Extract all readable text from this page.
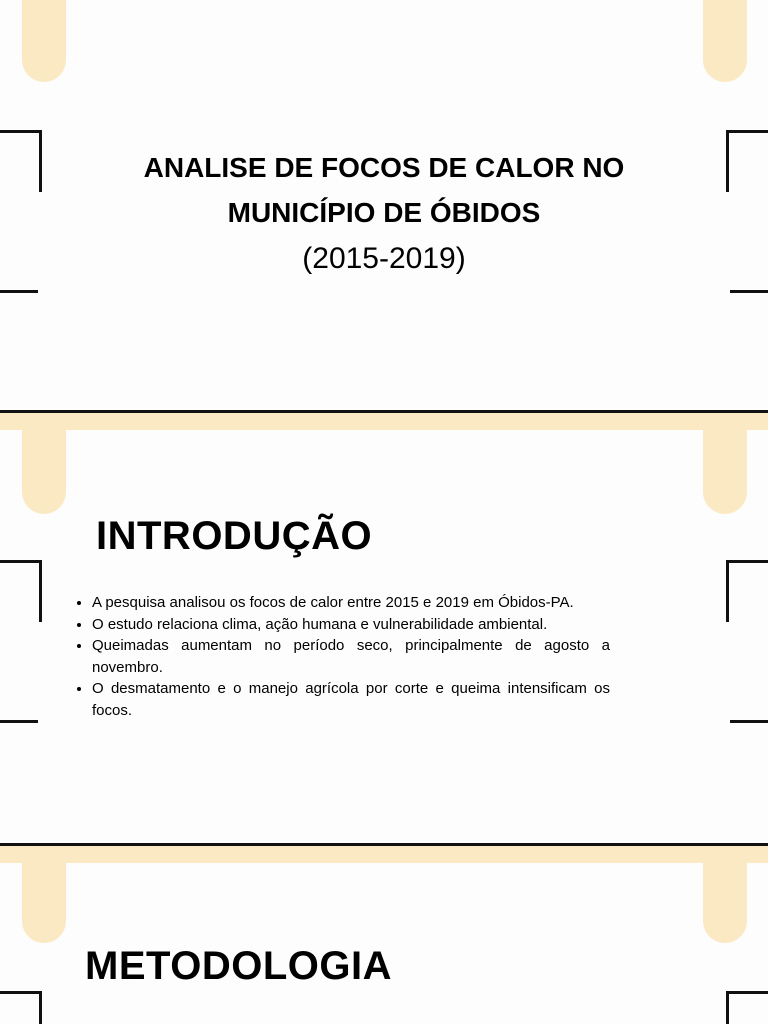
ANALISE DE FOCOS DE CALOR NO
MUNICÍPIO DE ÓBIDOS
(2015-2019)
INTRODUÇÃO
• A pesquisa analisou os focos de calor entre 2015 e 2019 em Óbidos-PA.
• O estudo relaciona clima, ação humana e vulnerabilidade ambiental.
• Queimadas aumentam no período seco, principalmente de agosto a novembro.
• O desmatamento e o manejo agrícola por corte e queima intensificam os focos.
METODOLOGIA
